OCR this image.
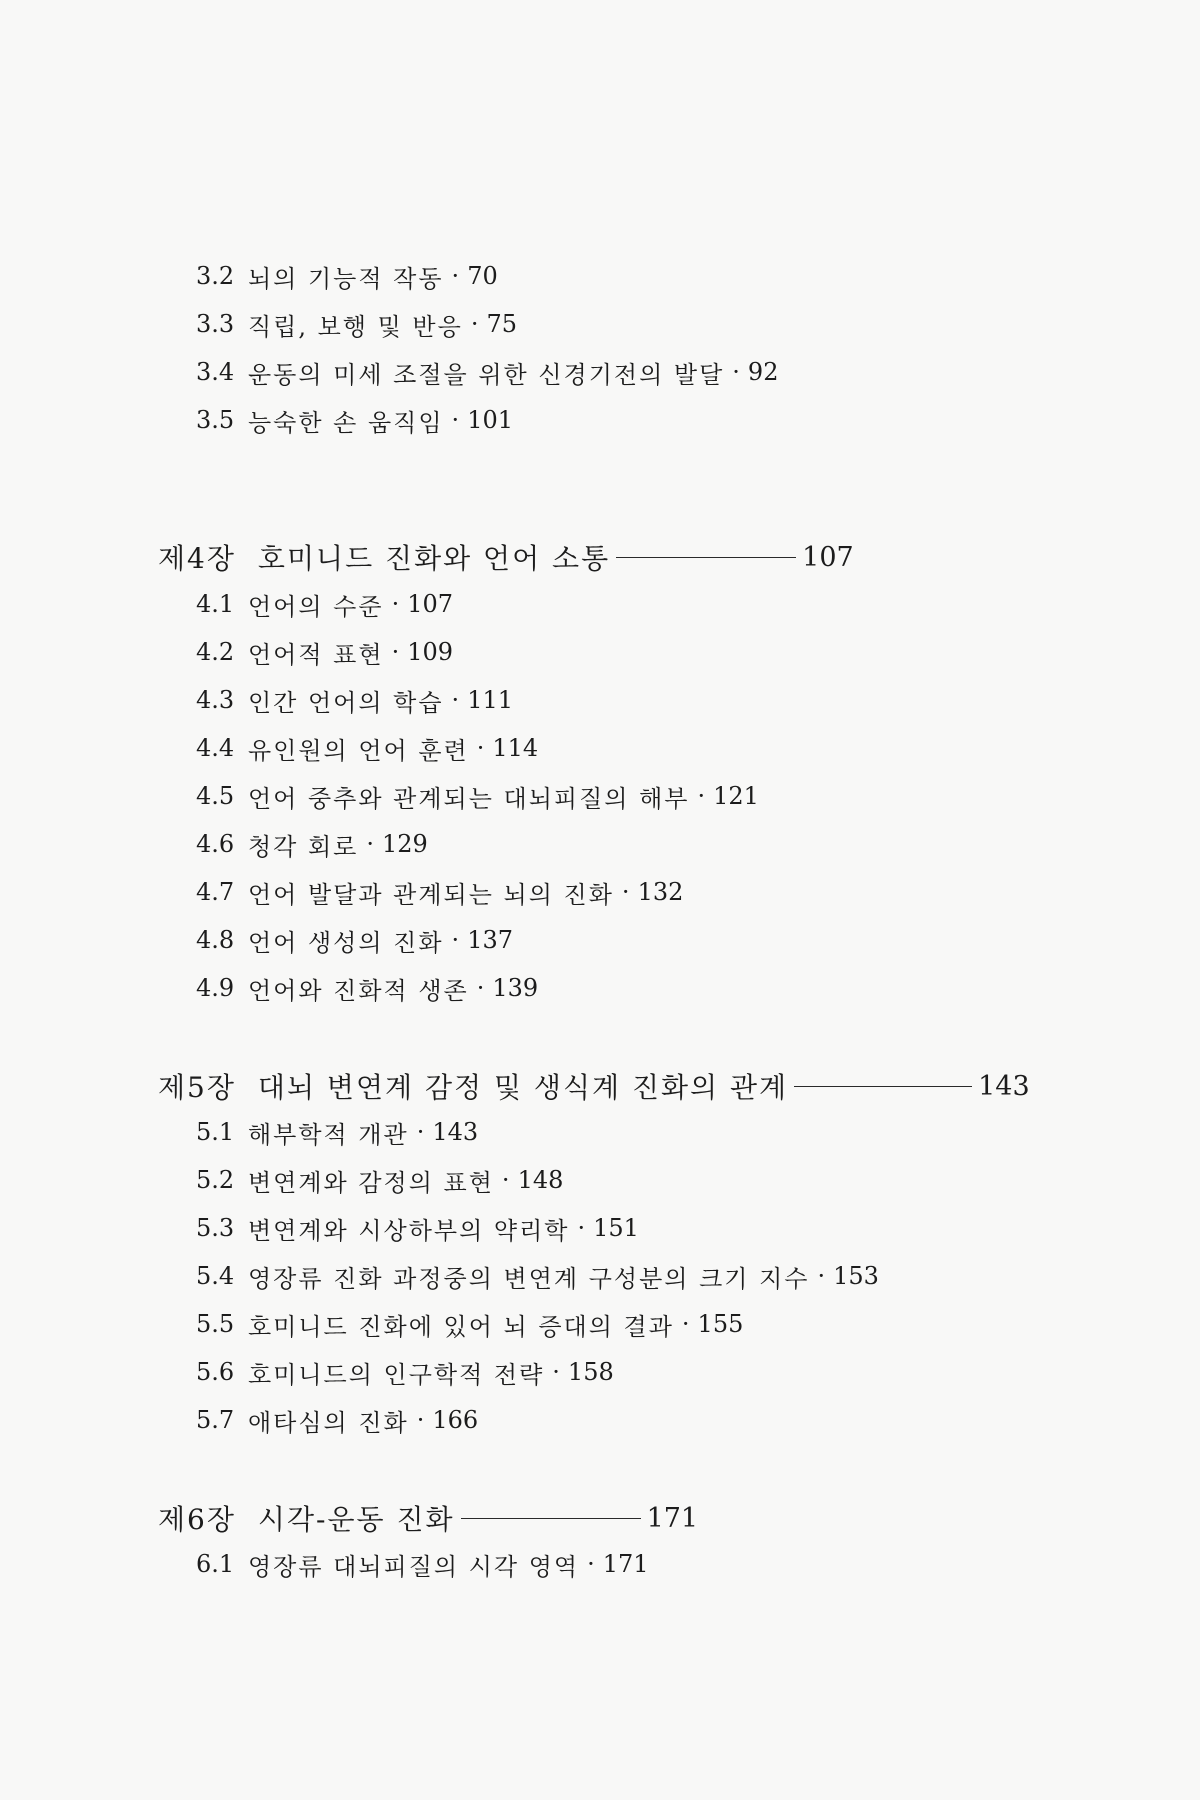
3.2 뇌의 기능적 작동 · 70
3.3 직립, 보행 및 반응 · 75
3.4 운동의 미세 조절을 위한 신경기전의 발달 · 92
3.5 능숙한 손 움직임 · 101
제4장 호미니드 진화와 언어 소통	107
4.1 언어의 수준 · 107
4.2 언어적 표현 · 109
4.3 인간 언어의 학습 · 111
4.4 유인원의 언어 훈련 · 114
4.5 언어 중추와 관계되는 대뇌피질의 해부 · 121
4.6 청각 회로 · 129
4.7 언어 발달과 관계되는 뇌의 진화 · 132
4.8 언어 생성의 진화 · 137
4.9 언어와 진화적 생존 · 139
제5장 대뇌 변연계 감정 및 생식계 진화의 관계	143
5.1 해부학적 개관 · 143
5.2 변연계와 감정의 표현 · 148
5.3 변연계와 시상하부의 약리학 · 151
5.4 영장류 진화 과정중의 변연계 구성분의 크기 지수 · 153
5.5 호미니드 진화에 있어 뇌 증대의 결과 · 155
5.6 호미니드의 인구학적 전략 · 158
5.7 애타심의 진화 · 166
제6장 시각-운동 진화	171
6.1 영장류 대뇌피질의 시각 영역 · 171
